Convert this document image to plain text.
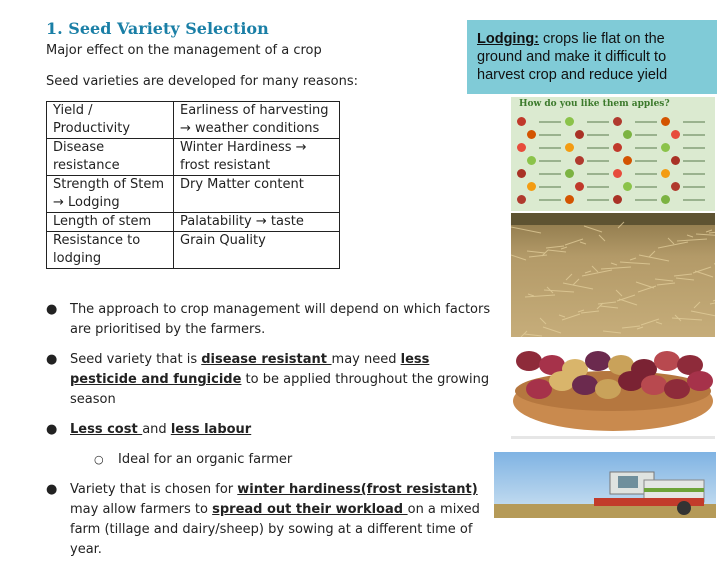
1. Seed Variety Selection
Major effect on the management of a crop
Seed varieties are developed for many reasons:
Yield / Productivity	Earliness of harvesting → weather conditions
Disease resistance	Winter Hardiness → frost resistant
Strength of Stem → Lodging	Dry Matter content
Length of stem	Palatability → taste
Resistance to lodging	Grain Quality
● The approach to crop management will depend on which factors are prioritised by the farmers.
● Seed variety that is disease resistant may need less pesticide and fungicide to be applied throughout the growing season
● Less cost and less labour
○ Ideal for an organic farmer
● Variety that is chosen for winter hardiness(frost resistant) may allow farmers to spread out their workload on a mixed farm (tillage and dairy/sheep) by sowing at a different time of year.
Lodging: crops lie flat on the ground and make it difficult to harvest crop and reduce yield
How do you like them apples?
